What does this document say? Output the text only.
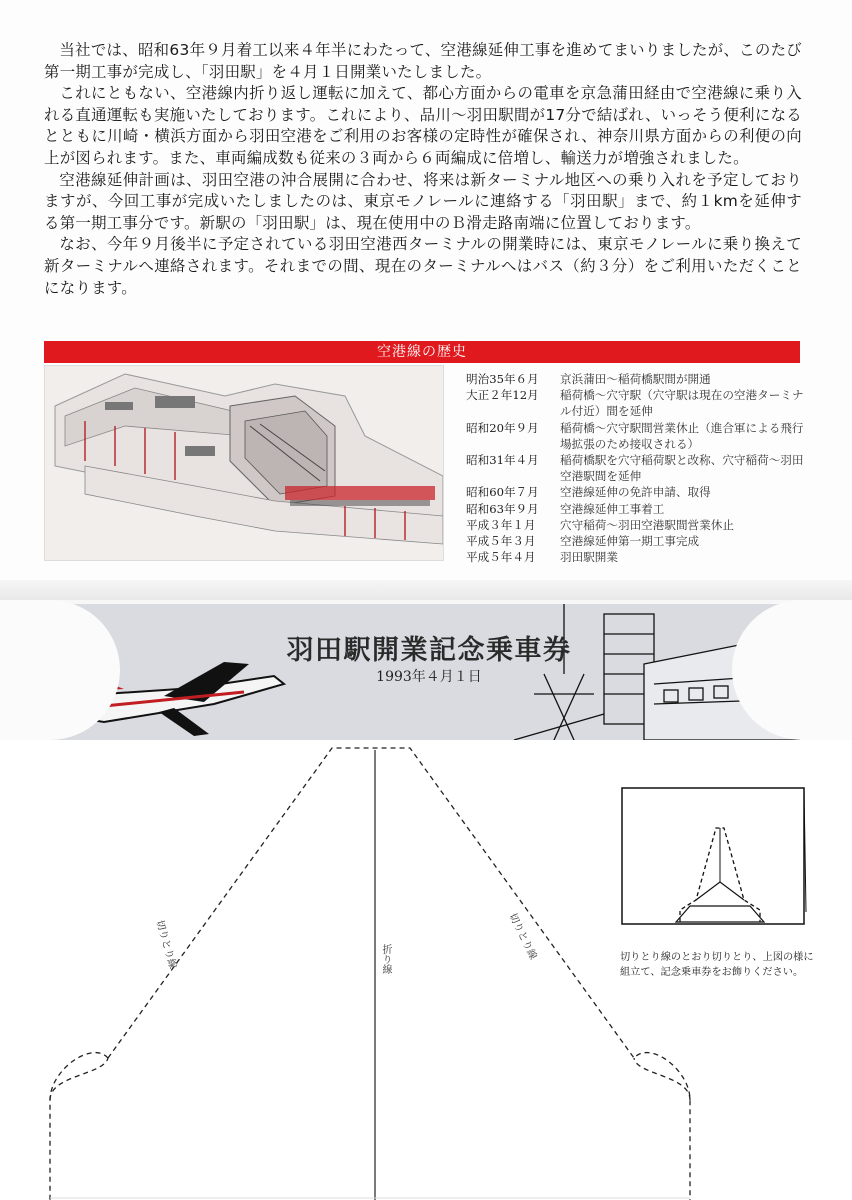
当社では、昭和63年９月着工以来４年半にわたって、空港線延伸工事を進めてまいりましたが、このたび第一期工事が完成し、「羽田駅」を４月１日開業いたしました。

これにともない、空港線内折り返し運転に加えて、都心方面からの電車を京急蒲田経由で空港線に乗り入れる直通運転も実施いたしております。これにより、品川～羽田駅間が17分で結ばれ、いっそう便利になるとともに川崎・横浜方面から羽田空港をご利用のお客様の定時性が確保され、神奈川県方面からの利便の向上が図られます。また、車両編成数も従来の３両から６両編成に倍増し、輸送力が増強されました。

空港線延伸計画は、羽田空港の沖合展開に合わせ、将来は新ターミナル地区への乗り入れを予定しておりますが、今回工事が完成いたしましたのは、東京モノレールに連絡する「羽田駅」まで、約１kmを延伸する第一期工事分です。新駅の「羽田駅」は、現在使用中のＢ滑走路南端に位置しております。

なお、今年９月後半に予定されている羽田空港西ターミナルの開業時には、東京モノレールに乗り換えて新ターミナルへ連絡されます。それまでの間、現在のターミナルへはバス（約３分）をご利用いただくことになります。

空港線の歴史
明治35年６月	京浜蒲田～稲荷橋駅間が開通
大正２年12月	稲荷橋～穴守駅（穴守駅は現在の空港ターミナル付近）間を延伸
昭和20年９月	稲荷橋～穴守駅間営業休止（進合軍による飛行場拡張のため接収される）
昭和31年４月	稲荷橋駅を穴守稲荷駅と改称、穴守稲荷～羽田空港駅間を延伸
昭和60年７月	空港線延伸の免許申請、取得
昭和63年９月	空港線延伸工事着工
平成３年１月	穴守稲荷～羽田空港駅間営業休止
平成５年３月	空港線延伸第一期工事完成
平成５年４月	羽田駅開業
羽田駅開業記念乗車券
1993年４月１日
切りとり線	切りとり線
折り線	切りとり線のとおり切りとり、上図の様に組立て、記念乗車券をお飾りください。
